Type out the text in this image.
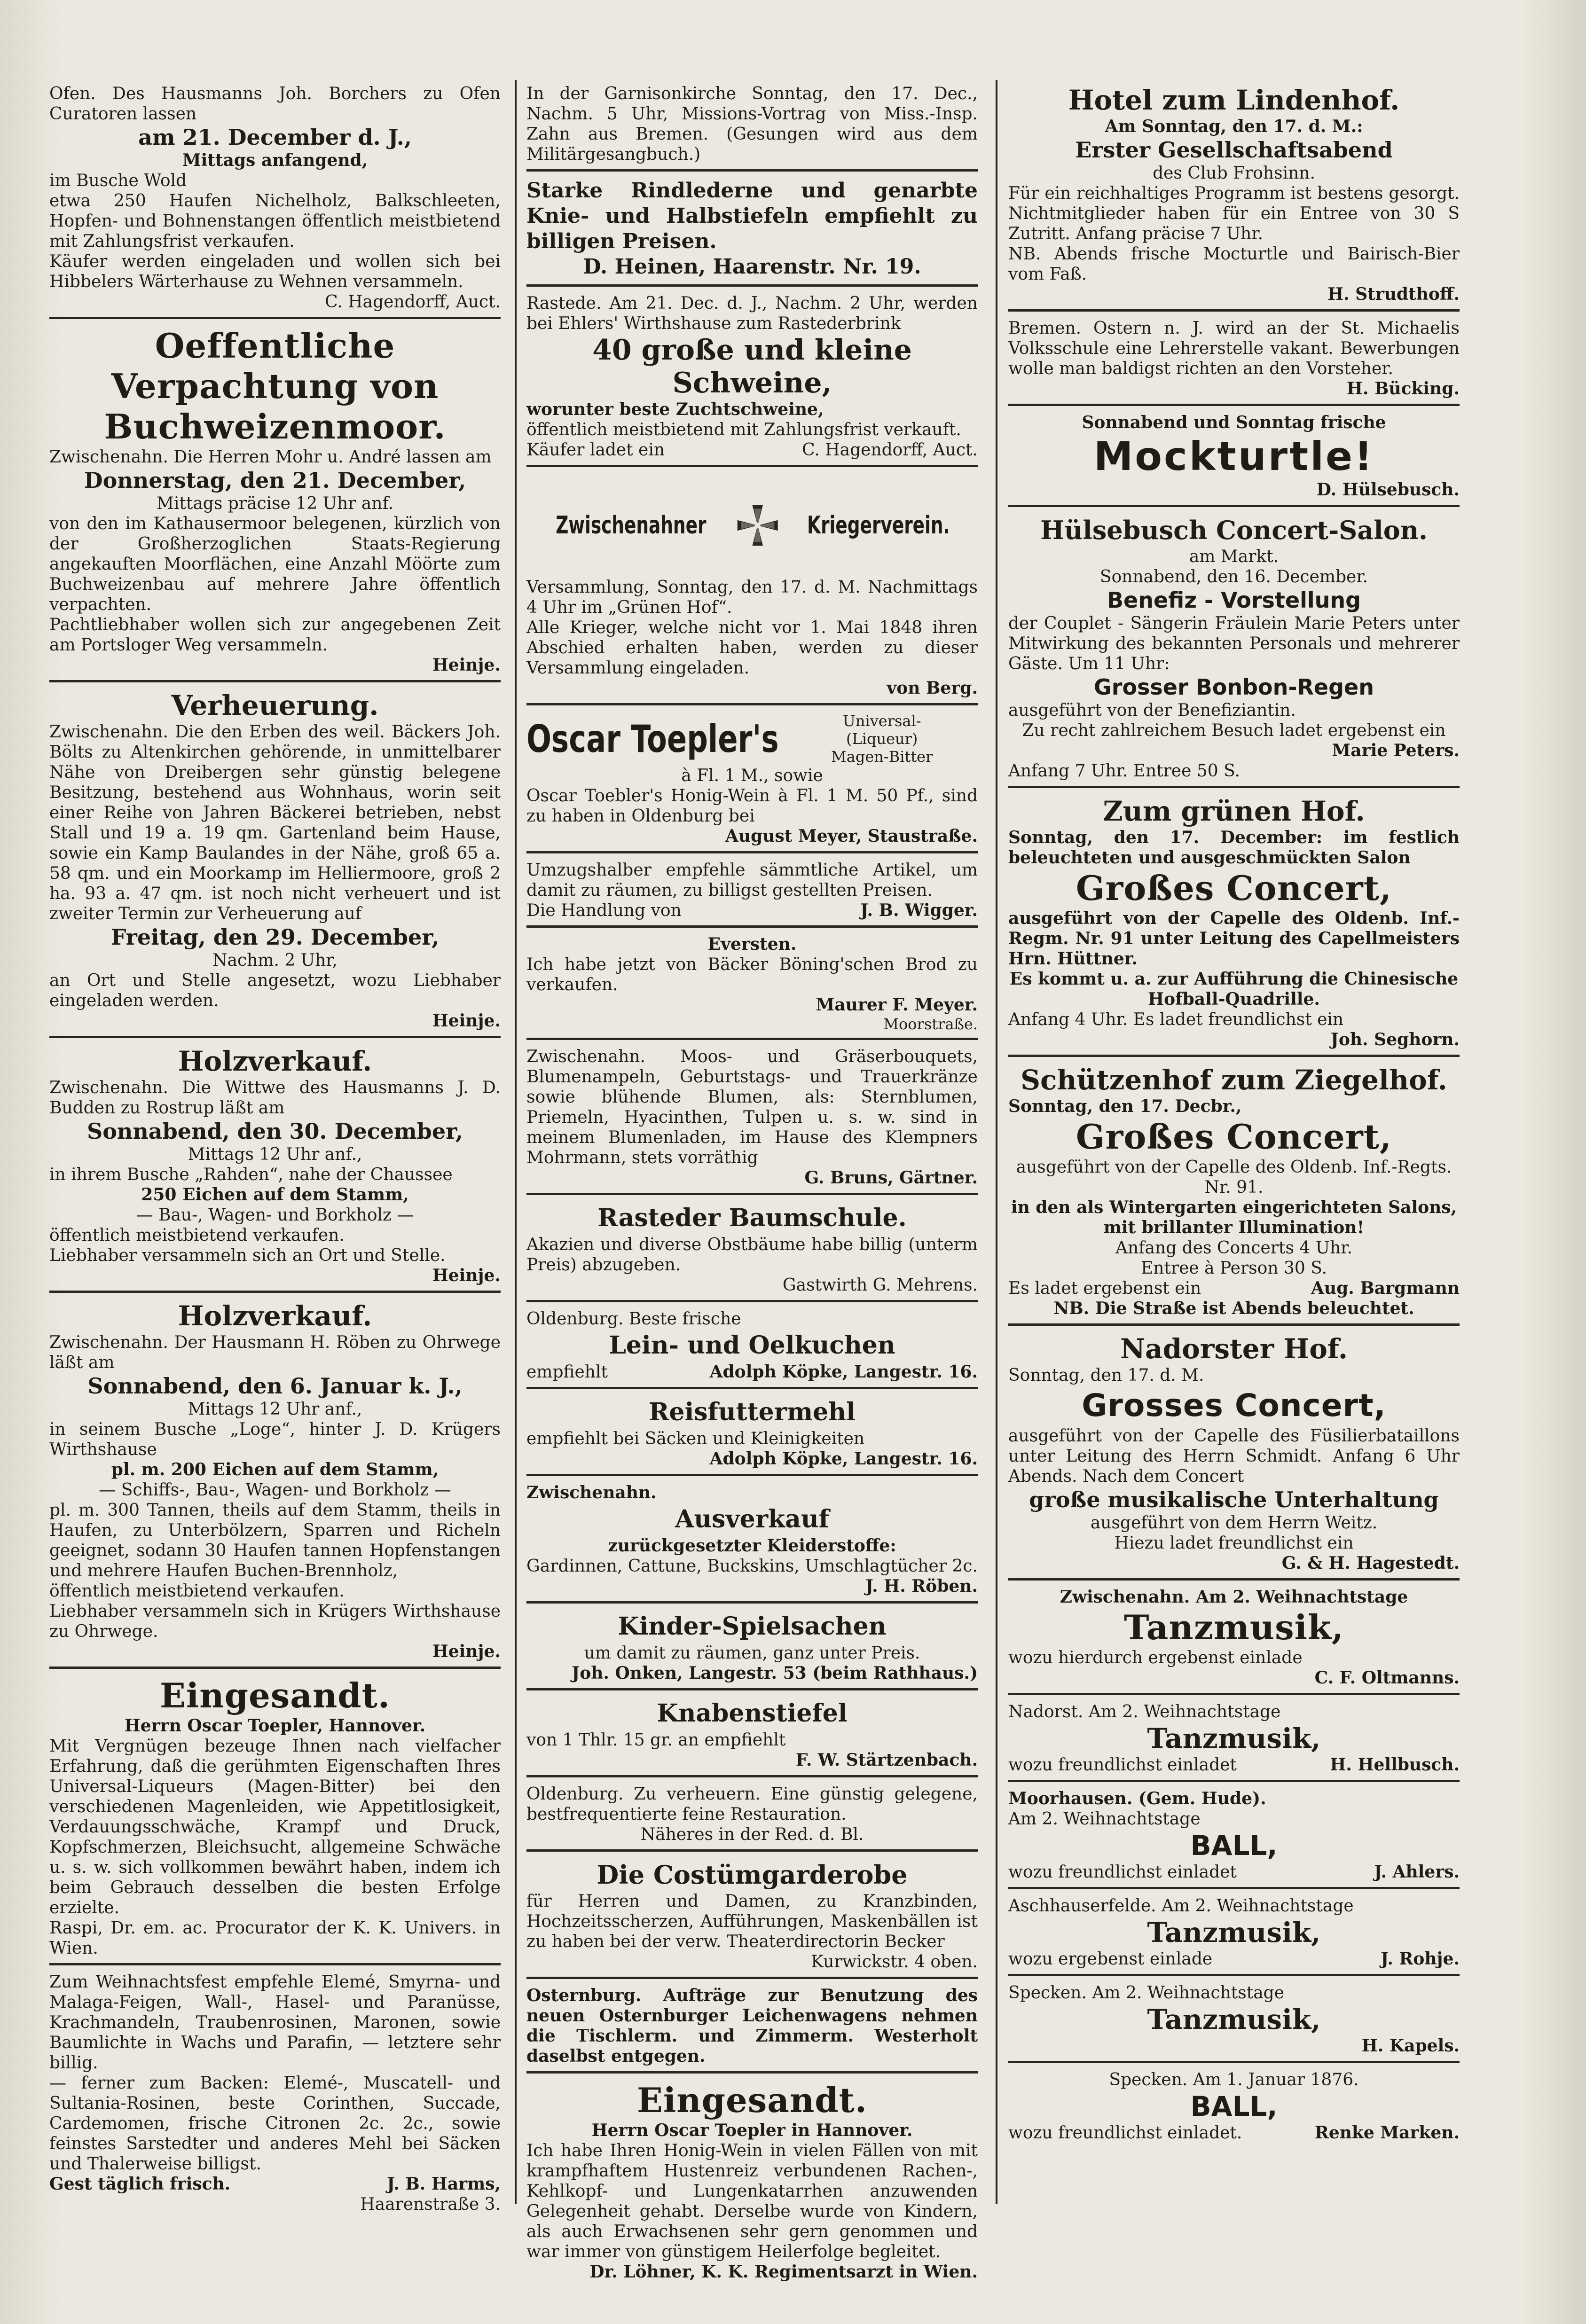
Ofen. Des Hausmanns Joh. Borchers zu Ofen Curatoren lassen

am 21. December d. J.,

Mittags anfangend,

im Busche Wold

etwa 250 Haufen Nichelholz, Balkschleeten, Hopfen- und Bohnenstangen öffentlich meistbietend mit Zahlungsfrist verkaufen.

Käufer werden eingeladen und wollen sich bei Hibbelers Wärterhause zu Wehnen versammeln.

C. Hagendorff, Auct.

Oeffentliche Verpachtung von Buchweizenmoor.

Zwischenahn. Die Herren Mohr u. André lassen am

Donnerstag, den 21. December,

Mittags präcise 12 Uhr anf.

von den im Kathausermoor belegenen, kürzlich von der Großherzoglichen Staats-Regierung angekauften Moorflächen, eine Anzahl Möörte zum Buchweizenbau auf mehrere Jahre öffentlich verpachten.

Pachtliebhaber wollen sich zur angegebenen Zeit am Portsloger Weg versammeln.

Heinje.

Verheuerung.

Zwischenahn. Die den Erben des weil. Bäckers Joh. Bölts zu Altenkirchen gehörende, in unmittelbarer Nähe von Dreibergen sehr günstig belegene Besitzung, bestehend aus Wohnhaus, worin seit einer Reihe von Jahren Bäckerei betrieben, nebst Stall und 19 a. 19 qm. Gartenland beim Hause, sowie ein Kamp Baulandes in der Nähe, groß 65 a. 58 qm. und ein Moorkamp im Helliermoore, groß 2 ha. 93 a. 47 qm. ist noch nicht verheuert und ist zweiter Termin zur Verheuerung auf

Freitag, den 29. December,

Nachm. 2 Uhr,

an Ort und Stelle angesetzt, wozu Liebhaber eingeladen werden.

Heinje.

Holzverkauf.

Zwischenahn. Die Wittwe des Hausmanns J. D. Budden zu Rostrup läßt am

Sonnabend, den 30. December,

Mittags 12 Uhr anf.,

in ihrem Busche „Rahden“, nahe der Chaussee

250 Eichen auf dem Stamm,

— Bau-, Wagen- und Borkholz —

öffentlich meistbietend verkaufen.

Liebhaber versammeln sich an Ort und Stelle.

Heinje.

Holzverkauf.

Zwischenahn. Der Hausmann H. Röben zu Ohrwege läßt am

Sonnabend, den 6. Januar k. J.,

Mittags 12 Uhr anf.,

in seinem Busche „Loge“, hinter J. D. Krügers Wirthshause

pl. m. 200 Eichen auf dem Stamm,

— Schiffs-, Bau-, Wagen- und Borkholz —

pl. m. 300 Tannen, theils auf dem Stamm, theils in Haufen, zu Unterbölzern, Sparren und Richeln geeignet, sodann 30 Haufen tannen Hopfenstangen und mehrere Haufen Buchen-Brennholz,

öffentlich meistbietend verkaufen.

Liebhaber versammeln sich in Krügers Wirthshause zu Ohrwege.

Heinje.

Eingesandt.

Herrn Oscar Toepler, Hannover.

Mit Vergnügen bezeuge Ihnen nach vielfacher Erfahrung, daß die gerühmten Eigenschaften Ihres Universal-Liqueurs (Magen-Bitter) bei den verschiedenen Magenleiden, wie Appetitlosigkeit, Verdauungsschwäche, Krampf und Druck, Kopfschmerzen, Bleichsucht, allgemeine Schwäche u. s. w. sich vollkommen bewährt haben, indem ich beim Gebrauch desselben die besten Erfolge erzielte.

Raspi, Dr. em. ac. Procurator der K. K. Univers. in Wien.

Zum Weihnachtsfest empfehle Elemé, Smyrna- und Malaga-Feigen, Wall-, Hasel- und Paranüsse, Krachmandeln, Traubenrosinen, Maronen, sowie Baumlichte in Wachs und Parafin, — letztere sehr billig.

— ferner zum Backen: Elemé-, Muscatell- und Sultania-Rosinen, beste Corinthen, Succade, Cardemomen, frische Citronen 2c. 2c., sowie feinstes Sarstedter und anderes Mehl bei Säcken und Thalerweise billigst.

Gest täglich frisch.	J. B. Harms,

Haarenstraße 3.

In der Garnisonkirche Sonntag, den 17. Dec., Nachm. 5 Uhr, Missions-Vortrag von Miss.-Insp. Zahn aus Bremen. (Gesungen wird aus dem Militärgesangbuch.)

Starke Rindlederne und genarbte Knie- und Halbstiefeln empfiehlt zu billigen Preisen.

D. Heinen, Haarenstr. Nr. 19.

Rastede. Am 21. Dec. d. J., Nachm. 2 Uhr, werden bei Ehlers' Wirthshause zum Rastederbrink

40 große und kleine Schweine,

worunter beste Zuchtschweine,

öffentlich meistbietend mit Zahlungsfrist verkauft.

Käufer ladet ein	C. Hagendorff, Auct.
Zwischenahner	Kriegerverein.

Versammlung, Sonntag, den 17. d. M. Nachmittags 4 Uhr im „Grünen Hof“.

Alle Krieger, welche nicht vor 1. Mai 1848 ihren Abschied erhalten haben, werden zu dieser Versammlung eingeladen.

von Berg.

Oscar Toepler's	Universal-
(Liqueur)
Magen-Bitter

à Fl. 1 M., sowie

Oscar Toebler's Honig-Wein à Fl. 1 M. 50 Pf., sind zu haben in Oldenburg bei

August Meyer, Staustraße.

Umzugshalber empfehle sämmtliche Artikel, um damit zu räumen, zu billigst gestellten Preisen.

Die Handlung von	J. B. Wigger.

Eversten.

Ich habe jetzt von Bäcker Böning'schen Brod zu verkaufen.

Maurer F. Meyer.

Moorstraße.

Zwischenahn. Moos- und Gräserbouquets, Blumenampeln, Geburtstags- und Trauerkränze sowie blühende Blumen, als: Sternblumen, Priemeln, Hyacinthen, Tulpen u. s. w. sind in meinem Blumenladen, im Hause des Klempners Mohrmann, stets vorräthig

G. Bruns, Gärtner.

Rasteder Baumschule.

Akazien und diverse Obstbäume habe billig (unterm Preis) abzugeben.

Gastwirth G. Mehrens.

Oldenburg. Beste frische

Lein- und Oelkuchen
empfiehlt	Adolph Köpke, Langestr. 16.
Reisfuttermehl

empfiehlt bei Säcken und Kleinigkeiten

Adolph Köpke, Langestr. 16.

Zwischenahn.

Ausverkauf

zurückgesetzter Kleiderstoffe:

Gardinnen, Cattune, Buckskins, Umschlagtücher 2c.

J. H. Röben.

Kinder-Spielsachen

um damit zu räumen, ganz unter Preis.

Joh. Onken, Langestr. 53 (beim Rathhaus.)

Knabenstiefel

von 1 Thlr. 15 gr. an empfiehlt

F. W. Stärtzenbach.

Oldenburg. Zu verheuern. Eine günstig gelegene, bestfrequentierte feine Restauration.

Näheres in der Red. d. Bl.

Die Costümgarderobe

für Herren und Damen, zu Kranzbinden, Hochzeitsscherzen, Aufführungen, Maskenbällen ist zu haben bei der verw. Theaterdirectorin Becker

Kurwickstr. 4 oben.

Osternburg. Aufträge zur Benutzung des neuen Osternburger Leichenwagens nehmen die Tischlerm. und Zimmerm. Westerholt daselbst entgegen.

Eingesandt.

Herrn Oscar Toepler in Hannover.

Ich habe Ihren Honig-Wein in vielen Fällen von mit krampfhaftem Hustenreiz verbundenen Rachen-, Kehlkopf- und Lungenkatarrhen anzuwenden Gelegenheit gehabt. Derselbe wurde von Kindern, als auch Erwachsenen sehr gern genommen und war immer von günstigem Heilerfolge begleitet.

Dr. Löhner, K. K. Regimentsarzt in Wien.

Hotel zum Lindenhof.

Am Sonntag, den 17. d. M.:

Erster Gesellschaftsabend

des Club Frohsinn.

Für ein reichhaltiges Programm ist bestens gesorgt. Nichtmitglieder haben für ein Entree von 30 S Zutritt. Anfang präcise 7 Uhr.

NB. Abends frische Mocturtle und Bairisch-Bier vom Faß.

H. Strudthoff.

Bremen. Ostern n. J. wird an der St. Michaelis Volksschule eine Lehrerstelle vakant. Bewerbungen wolle man baldigst richten an den Vorsteher.

H. Bücking.

Sonnabend und Sonntag frische

Mockturtle!

D. Hülsebusch.

Hülsebusch Concert-Salon.

am Markt.

Sonnabend, den 16. December.

Benefiz - Vorstellung

der Couplet - Sängerin Fräulein Marie Peters unter Mitwirkung des bekannten Personals und mehrerer Gäste. Um 11 Uhr:

Grosser Bonbon-Regen

ausgeführt von der Benefiziantin.

Zu recht zahlreichem Besuch ladet ergebenst ein

Marie Peters.

Anfang 7 Uhr. Entree 50 S.

Zum grünen Hof.

Sonntag, den 17. December: im festlich beleuchteten und ausgeschmückten Salon

Großes Concert,

ausgeführt von der Capelle des Oldenb. Inf.-Regm. Nr. 91 unter Leitung des Capellmeisters Hrn. Hüttner.

Es kommt u. a. zur Aufführung die Chinesische Hofball-Quadrille.

Anfang 4 Uhr. Es ladet freundlichst ein

Joh. Seghorn.

Schützenhof zum Ziegelhof.

Sonntag, den 17. Decbr.,

Großes Concert,

ausgeführt von der Capelle des Oldenb. Inf.-Regts. Nr. 91.

in den als Wintergarten eingerichteten Salons, mit brillanter Illumination!

Anfang des Concerts 4 Uhr.

Entree à Person 30 S.

Es ladet ergebenst ein	Aug. Bargmann

NB. Die Straße ist Abends beleuchtet.

Nadorster Hof.

Sonntag, den 17. d. M.

Grosses Concert,

ausgeführt von der Capelle des Füsilierbataillons unter Leitung des Herrn Schmidt. Anfang 6 Uhr Abends. Nach dem Concert

große musikalische Unterhaltung

ausgeführt von dem Herrn Weitz.

Hiezu ladet freundlichst ein

G. & H. Hagestedt.

Zwischenahn. Am 2. Weihnachtstage

Tanzmusik,

wozu hierdurch ergebenst einlade

C. F. Oltmanns.

Nadorst. Am 2. Weihnachtstage

Tanzmusik,
wozu freundlichst einladet	H. Hellbusch.

Moorhausen. (Gem. Hude).

Am 2. Weihnachtstage

BALL,
wozu freundlichst einladet	J. Ahlers.

Aschhauserfelde. Am 2. Weihnachtstage

Tanzmusik,
wozu ergebenst einlade	J. Rohje.

Specken. Am 2. Weihnachtstage

Tanzmusik,

H. Kapels.

Specken. Am 1. Januar 1876.

BALL,
wozu freundlichst einladet.	Renke Marken.
